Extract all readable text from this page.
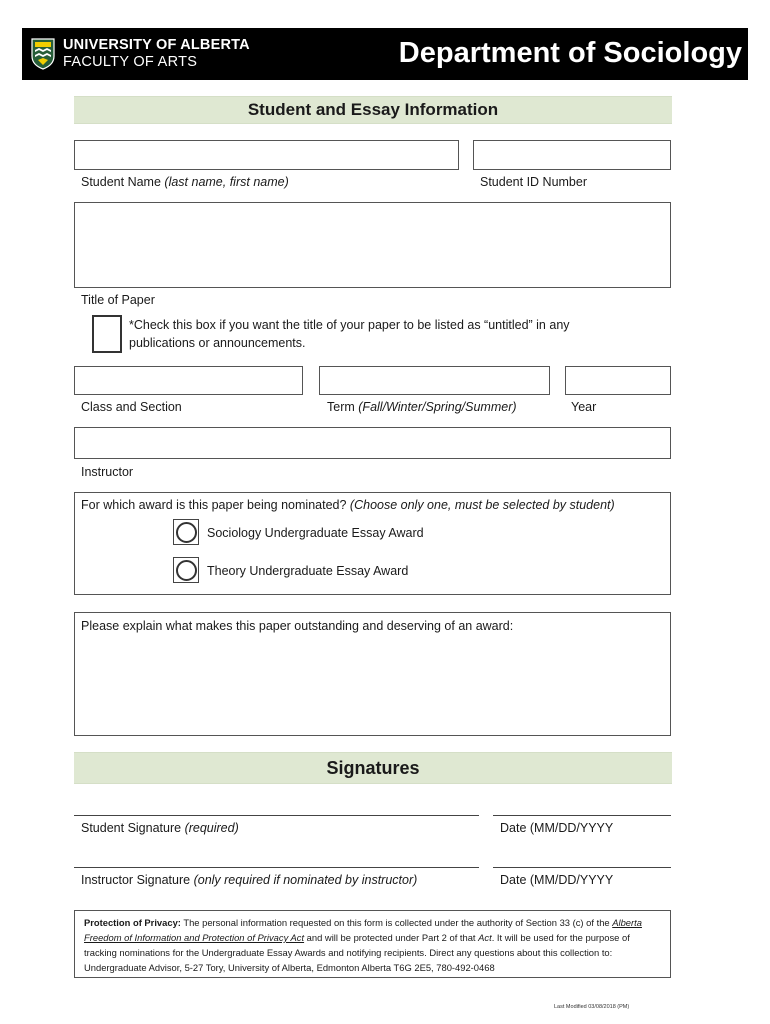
UNIVERSITY OF ALBERTA
FACULTY OF ARTS	Department of Sociology
Student and Essay Information
Student Name (last name, first name)	Student ID Number
Title of Paper
*Check this box if you want the title of your paper to be listed as “untitled” in any
publications or announcements.
Class and Section	Term (Fall/Winter/Spring/Summer)	Year
Instructor
For which award is this paper being nominated? (Choose only one, must be selected by student)
Sociology Undergraduate Essay Award
Theory Undergraduate Essay Award
Please explain what makes this paper outstanding and deserving of an award:
Signatures
Student Signature (required)	Date (MM/DD/YYYY
Instructor Signature (only required if nominated by instructor)	Date (MM/DD/YYYY
Protection of Privacy: The personal information requested on this form is collected under the authority of Section 33 (c) of the Alberta Freedom of Information and Protection of Privacy Act and will be protected under Part 2 of that Act. It will be used for the purpose of tracking nominations for the Undergraduate Essay Awards and notifying recipients. Direct any questions about this collection to: Undergraduate Advisor, 5-27 Tory, University of Alberta, Edmonton Alberta T6G 2E5, 780-492-0468
Last Modified 03/08/2018 (PM)
